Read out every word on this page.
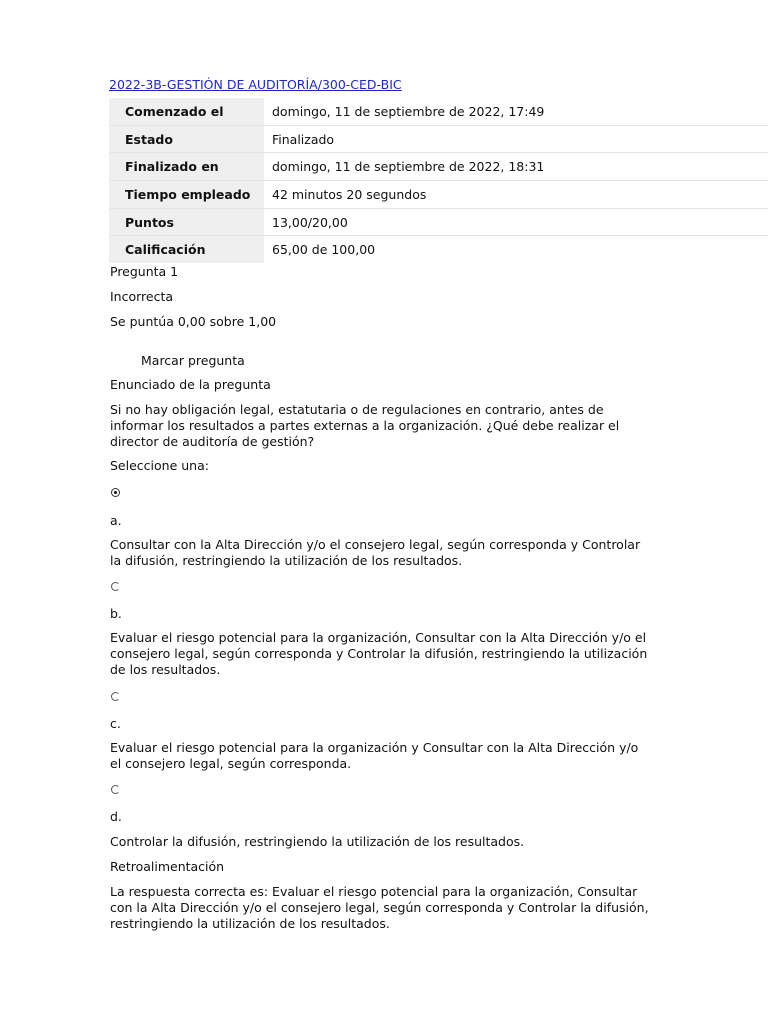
2022-3B-GESTIÓN DE AUDITORÍA/300-CED-BIC
Comenzado el	domingo, 11 de septiembre de 2022, 17:49
Estado	Finalizado
Finalizado en	domingo, 11 de septiembre de 2022, 18:31
Tiempo empleado	42 minutos 20 segundos
Puntos	13,00/20,00
Calificación	65,00 de 100,00
Pregunta 1
Incorrecta
Se puntúa 0,00 sobre 1,00
Marcar pregunta
Enunciado de la pregunta
Si no hay obligación legal, estatutaria o de regulaciones en contrario, antes de informar los resultados a partes externas a la organización. ¿Qué debe realizar el director de auditoría de gestión?
Seleccione una:
a.
Consultar con la Alta Dirección y/o el consejero legal, según corresponda y Controlar la difusión, restringiendo la utilización de los resultados.
b.
Evaluar el riesgo potencial para la organización, Consultar con la Alta Dirección y/o el consejero legal, según corresponda y Controlar la difusión, restringiendo la utilización de los resultados.
c.
Evaluar el riesgo potencial para la organización y Consultar con la Alta Dirección y/o el consejero legal, según corresponda.
d.
Controlar la difusión, restringiendo la utilización de los resultados.
Retroalimentación
La respuesta correcta es: Evaluar el riesgo potencial para la organización, Consultar con la Alta Dirección y/o el consejero legal, según corresponda y Controlar la difusión, restringiendo la utilización de los resultados.
